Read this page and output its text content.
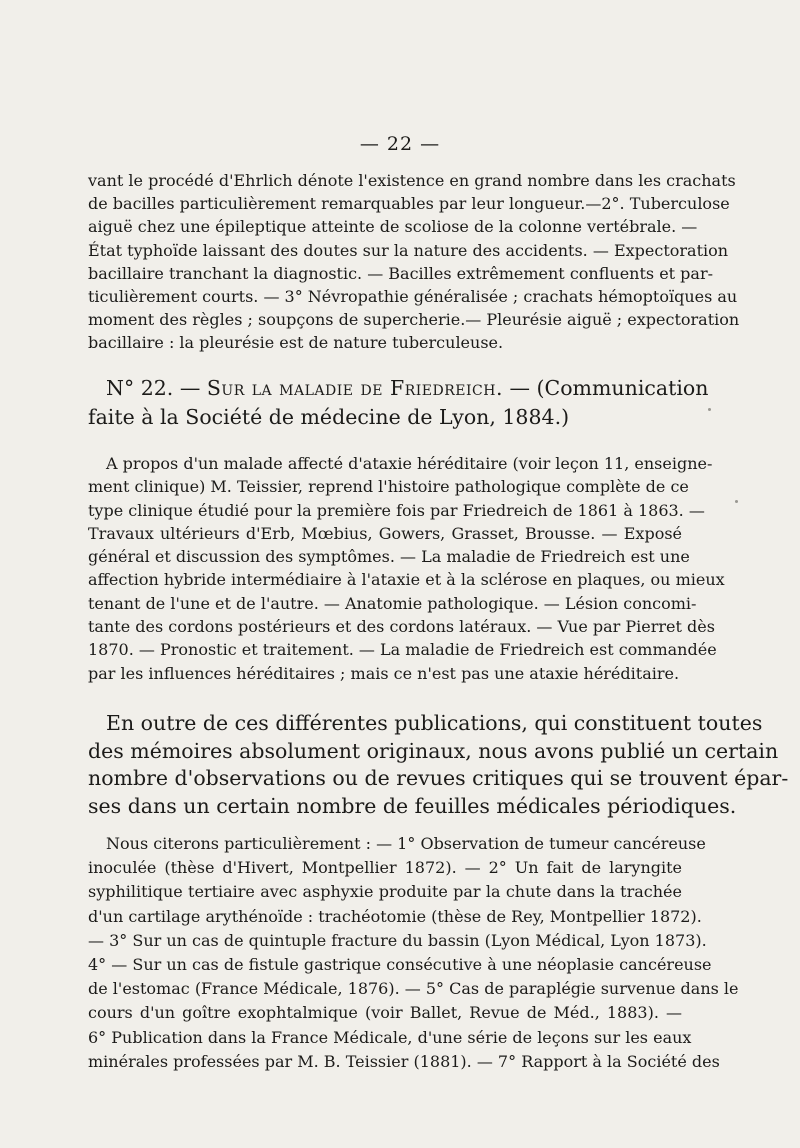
— 22 —
vant le procédé d'Ehrlich dénote l'existence en grand nombre dans les crachats
de bacilles particulièrement remarquables par leur longueur.—2°. Tuberculose
aiguë chez une épileptique atteinte de scoliose de la colonne vertébrale. —
État typhoïde laissant des doutes sur la nature des accidents. — Expectoration
bacillaire tranchant la diagnostic. — Bacilles extrêmement confluents et par-
ticulièrement courts. — 3° Névropathie généralisée ; crachats hémoptoïques au
moment des règles ; soupçons de supercherie.— Pleurésie aiguë ; expectoration
bacillaire : la pleurésie est de nature tuberculeuse.
N° 22. — Sur la maladie de Friedreich. — (Communication
faite à la Société de médecine de Lyon, 1884.)
A propos d'un malade affecté d'ataxie héréditaire (voir leçon 11, enseigne-
ment clinique) M. Teissier, reprend l'histoire pathologique complète de ce
type clinique étudié pour la première fois par Friedreich de 1861 à 1863. —
Travaux ultérieurs d'Erb, Mœbius, Gowers, Grasset, Brousse. — Exposé
général et discussion des symptômes. — La maladie de Friedreich est une
affection hybride intermédiaire à l'ataxie et à la sclérose en plaques, ou mieux
tenant de l'une et de l'autre. — Anatomie pathologique. — Lésion concomi-
tante des cordons postérieurs et des cordons latéraux. — Vue par Pierret dès
1870. — Pronostic et traitement. — La maladie de Friedreich est commandée
par les influences héréditaires ; mais ce n'est pas une ataxie héréditaire.
En outre de ces différentes publications, qui constituent toutes
des mémoires absolument originaux, nous avons publié un certain
nombre d'observations ou de revues critiques qui se trouvent épar-
ses dans un certain nombre de feuilles médicales périodiques.
Nous citerons particulièrement : — 1° Observation de tumeur cancéreuse
inoculée (thèse d'Hivert, Montpellier 1872). — 2° Un fait de laryngite
syphilitique tertiaire avec asphyxie produite par la chute dans la trachée
d'un cartilage arythénoïde : trachéotomie (thèse de Rey, Montpellier 1872).
— 3° Sur un cas de quintuple fracture du bassin (Lyon Médical, Lyon 1873).
4° — Sur un cas de fistule gastrique consécutive à une néoplasie cancéreuse
de l'estomac (France Médicale, 1876). — 5° Cas de paraplégie survenue dans le
cours d'un goître exophtalmique (voir Ballet, Revue de Méd., 1883). —
6° Publication dans la France Médicale, d'une série de leçons sur les eaux
minérales professées par M. B. Teissier (1881). — 7° Rapport à la Société des
